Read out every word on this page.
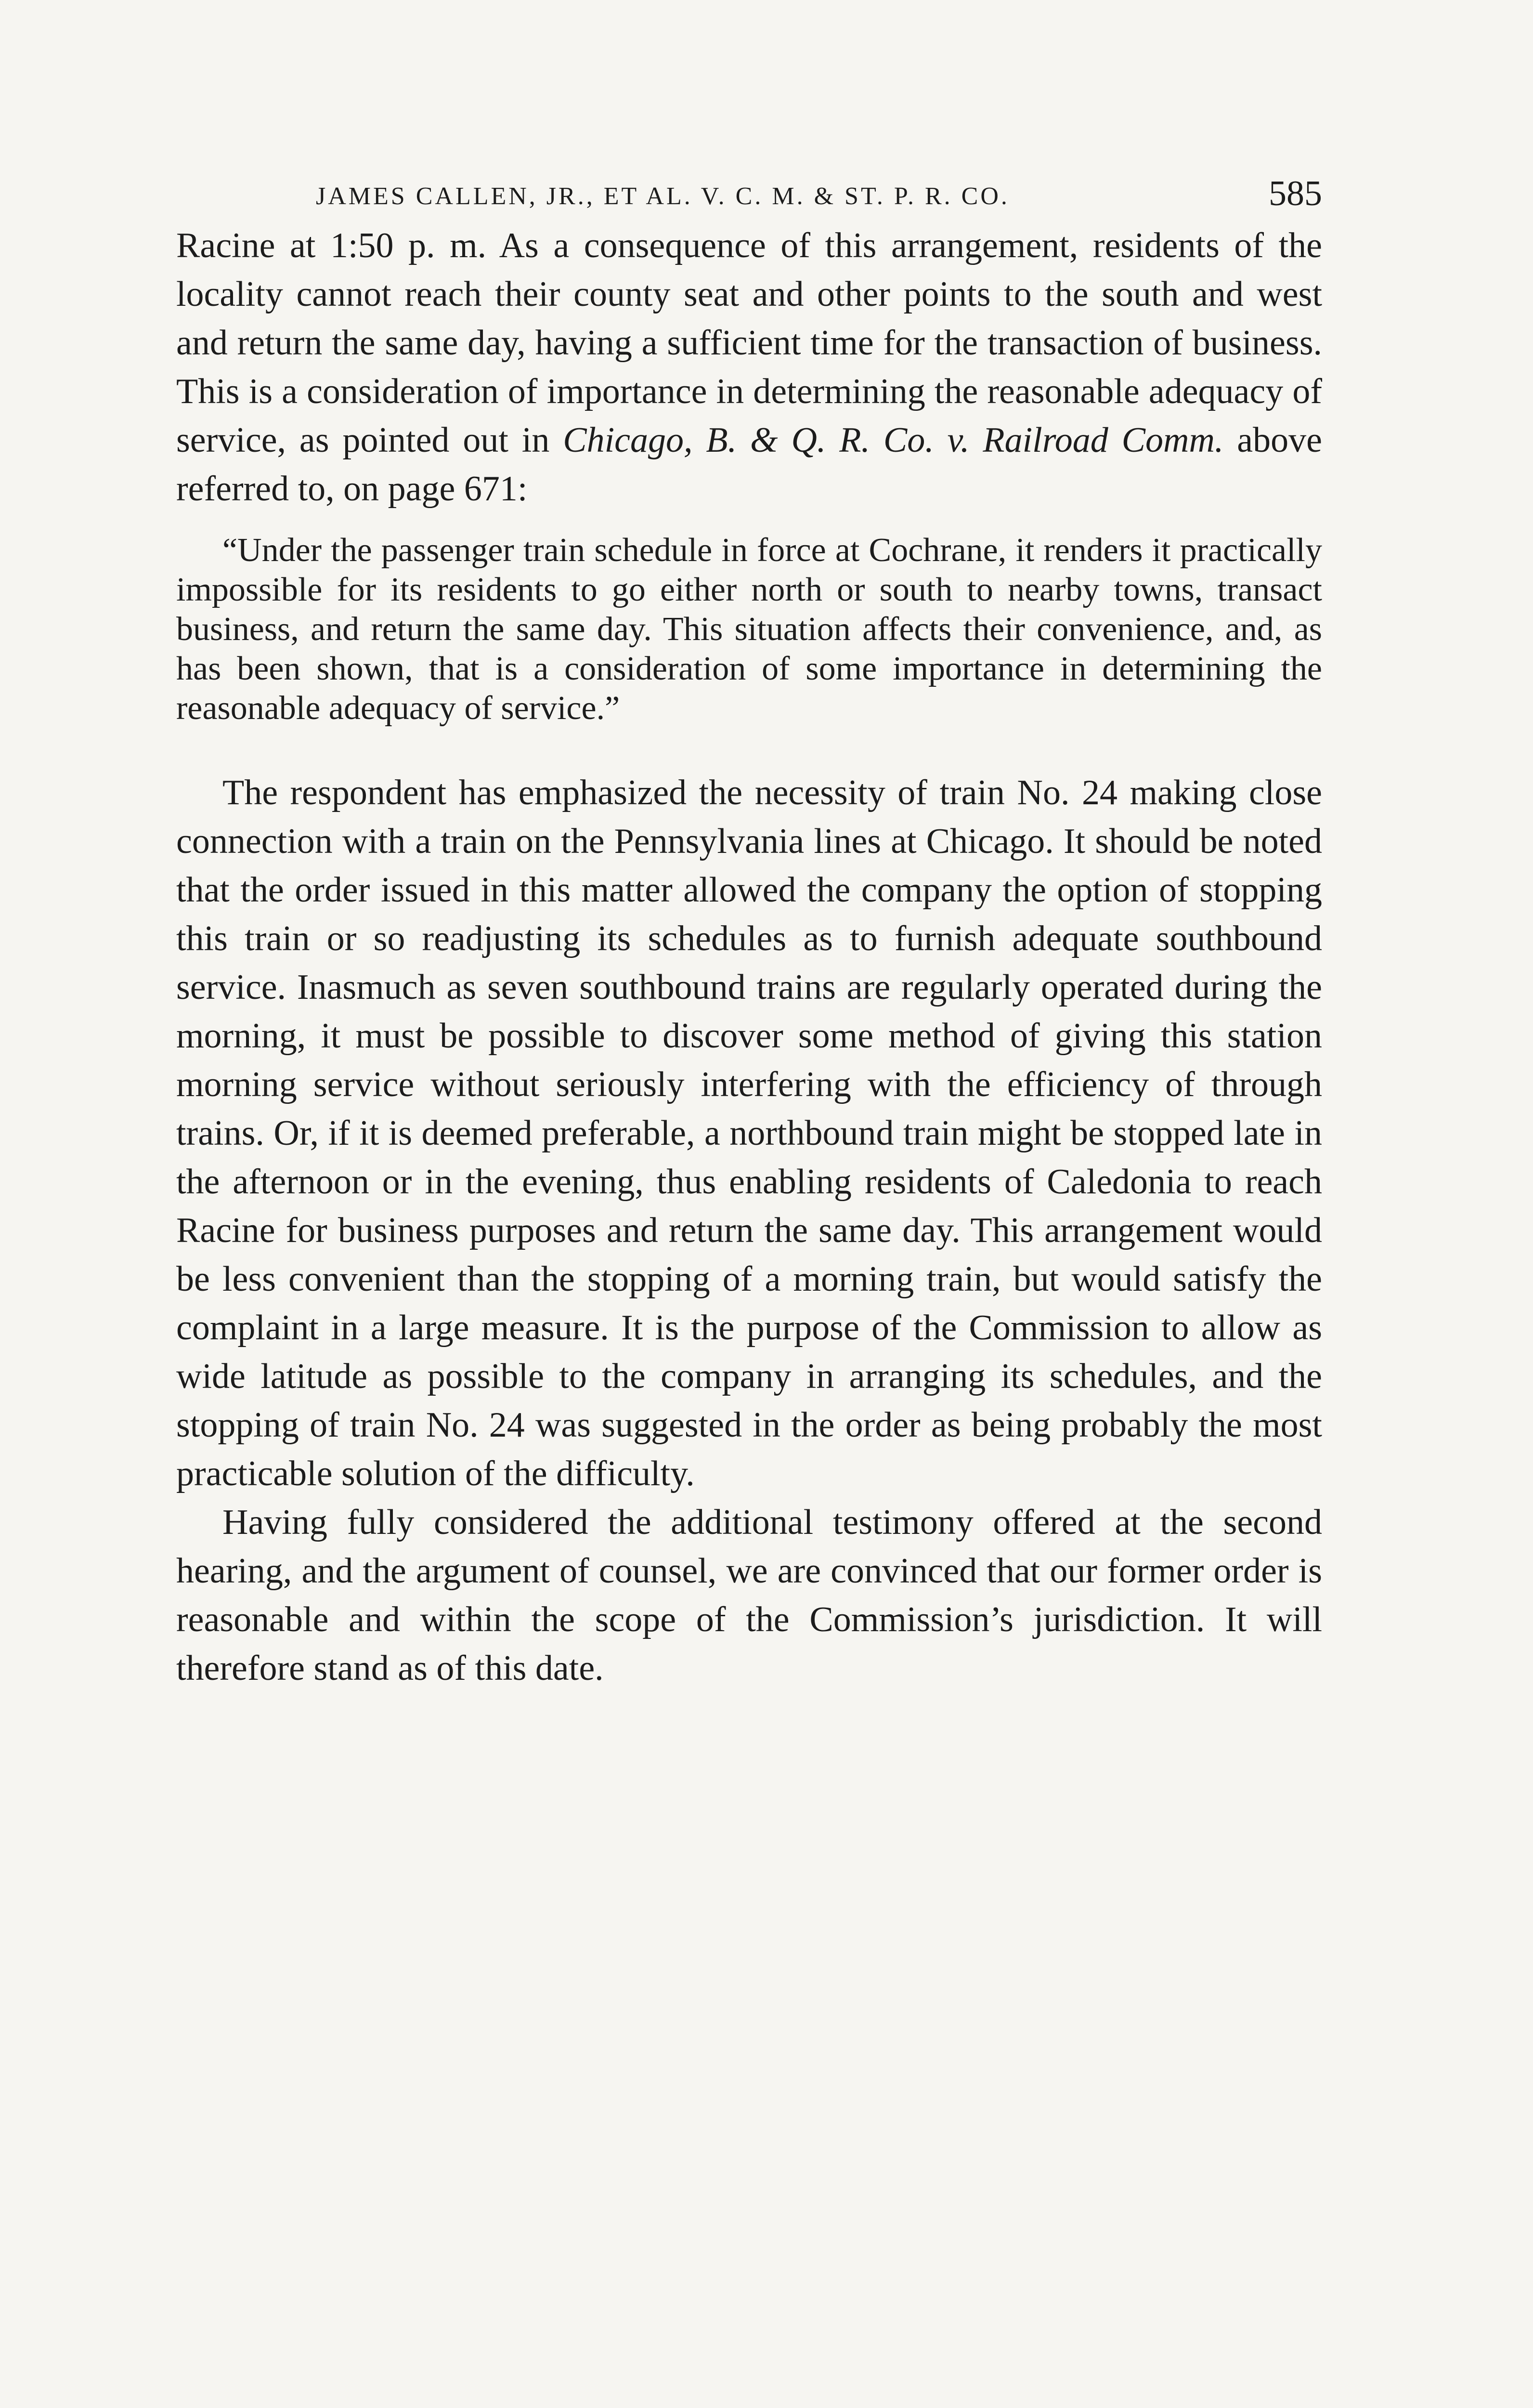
JAMES CALLEN, JR., ET AL. V. C. M. & ST. P. R. CO.	585

Racine at 1:50 p. m. As a consequence of this arrangement, residents of the locality cannot reach their county seat and other points to the south and west and return the same day, having a sufficient time for the transaction of business. This is a consideration of importance in determining the reasonable adequacy of service, as pointed out in Chicago, B. & Q. R. Co. v. Railroad Comm. above referred to, on page 671:

“Under the passenger train schedule in force at Cochrane, it renders it practically impossible for its residents to go either north or south to nearby towns, transact business, and return the same day. This situation affects their convenience, and, as has been shown, that is a consideration of some importance in determining the reasonable adequacy of service.”

The respondent has emphasized the necessity of train No. 24 making close connection with a train on the Pennsylvania lines at Chicago. It should be noted that the order issued in this matter allowed the company the option of stopping this train or so readjusting its schedules as to furnish adequate southbound service. Inasmuch as seven southbound trains are regularly operated during the morning, it must be possible to discover some method of giving this station morning service without seriously interfering with the efficiency of through trains. Or, if it is deemed preferable, a northbound train might be stopped late in the afternoon or in the evening, thus enabling residents of Caledonia to reach Racine for business purposes and return the same day. This arrangement would be less convenient than the stopping of a morning train, but would satisfy the complaint in a large measure. It is the purpose of the Commission to allow as wide latitude as possible to the company in arranging its schedules, and the stopping of train No. 24 was suggested in the order as being probably the most practicable solution of the difficulty.

Having fully considered the additional testimony offered at the second hearing, and the argument of counsel, we are convinced that our former order is reasonable and within the scope of the Commission’s jurisdiction. It will therefore stand as of this date.
